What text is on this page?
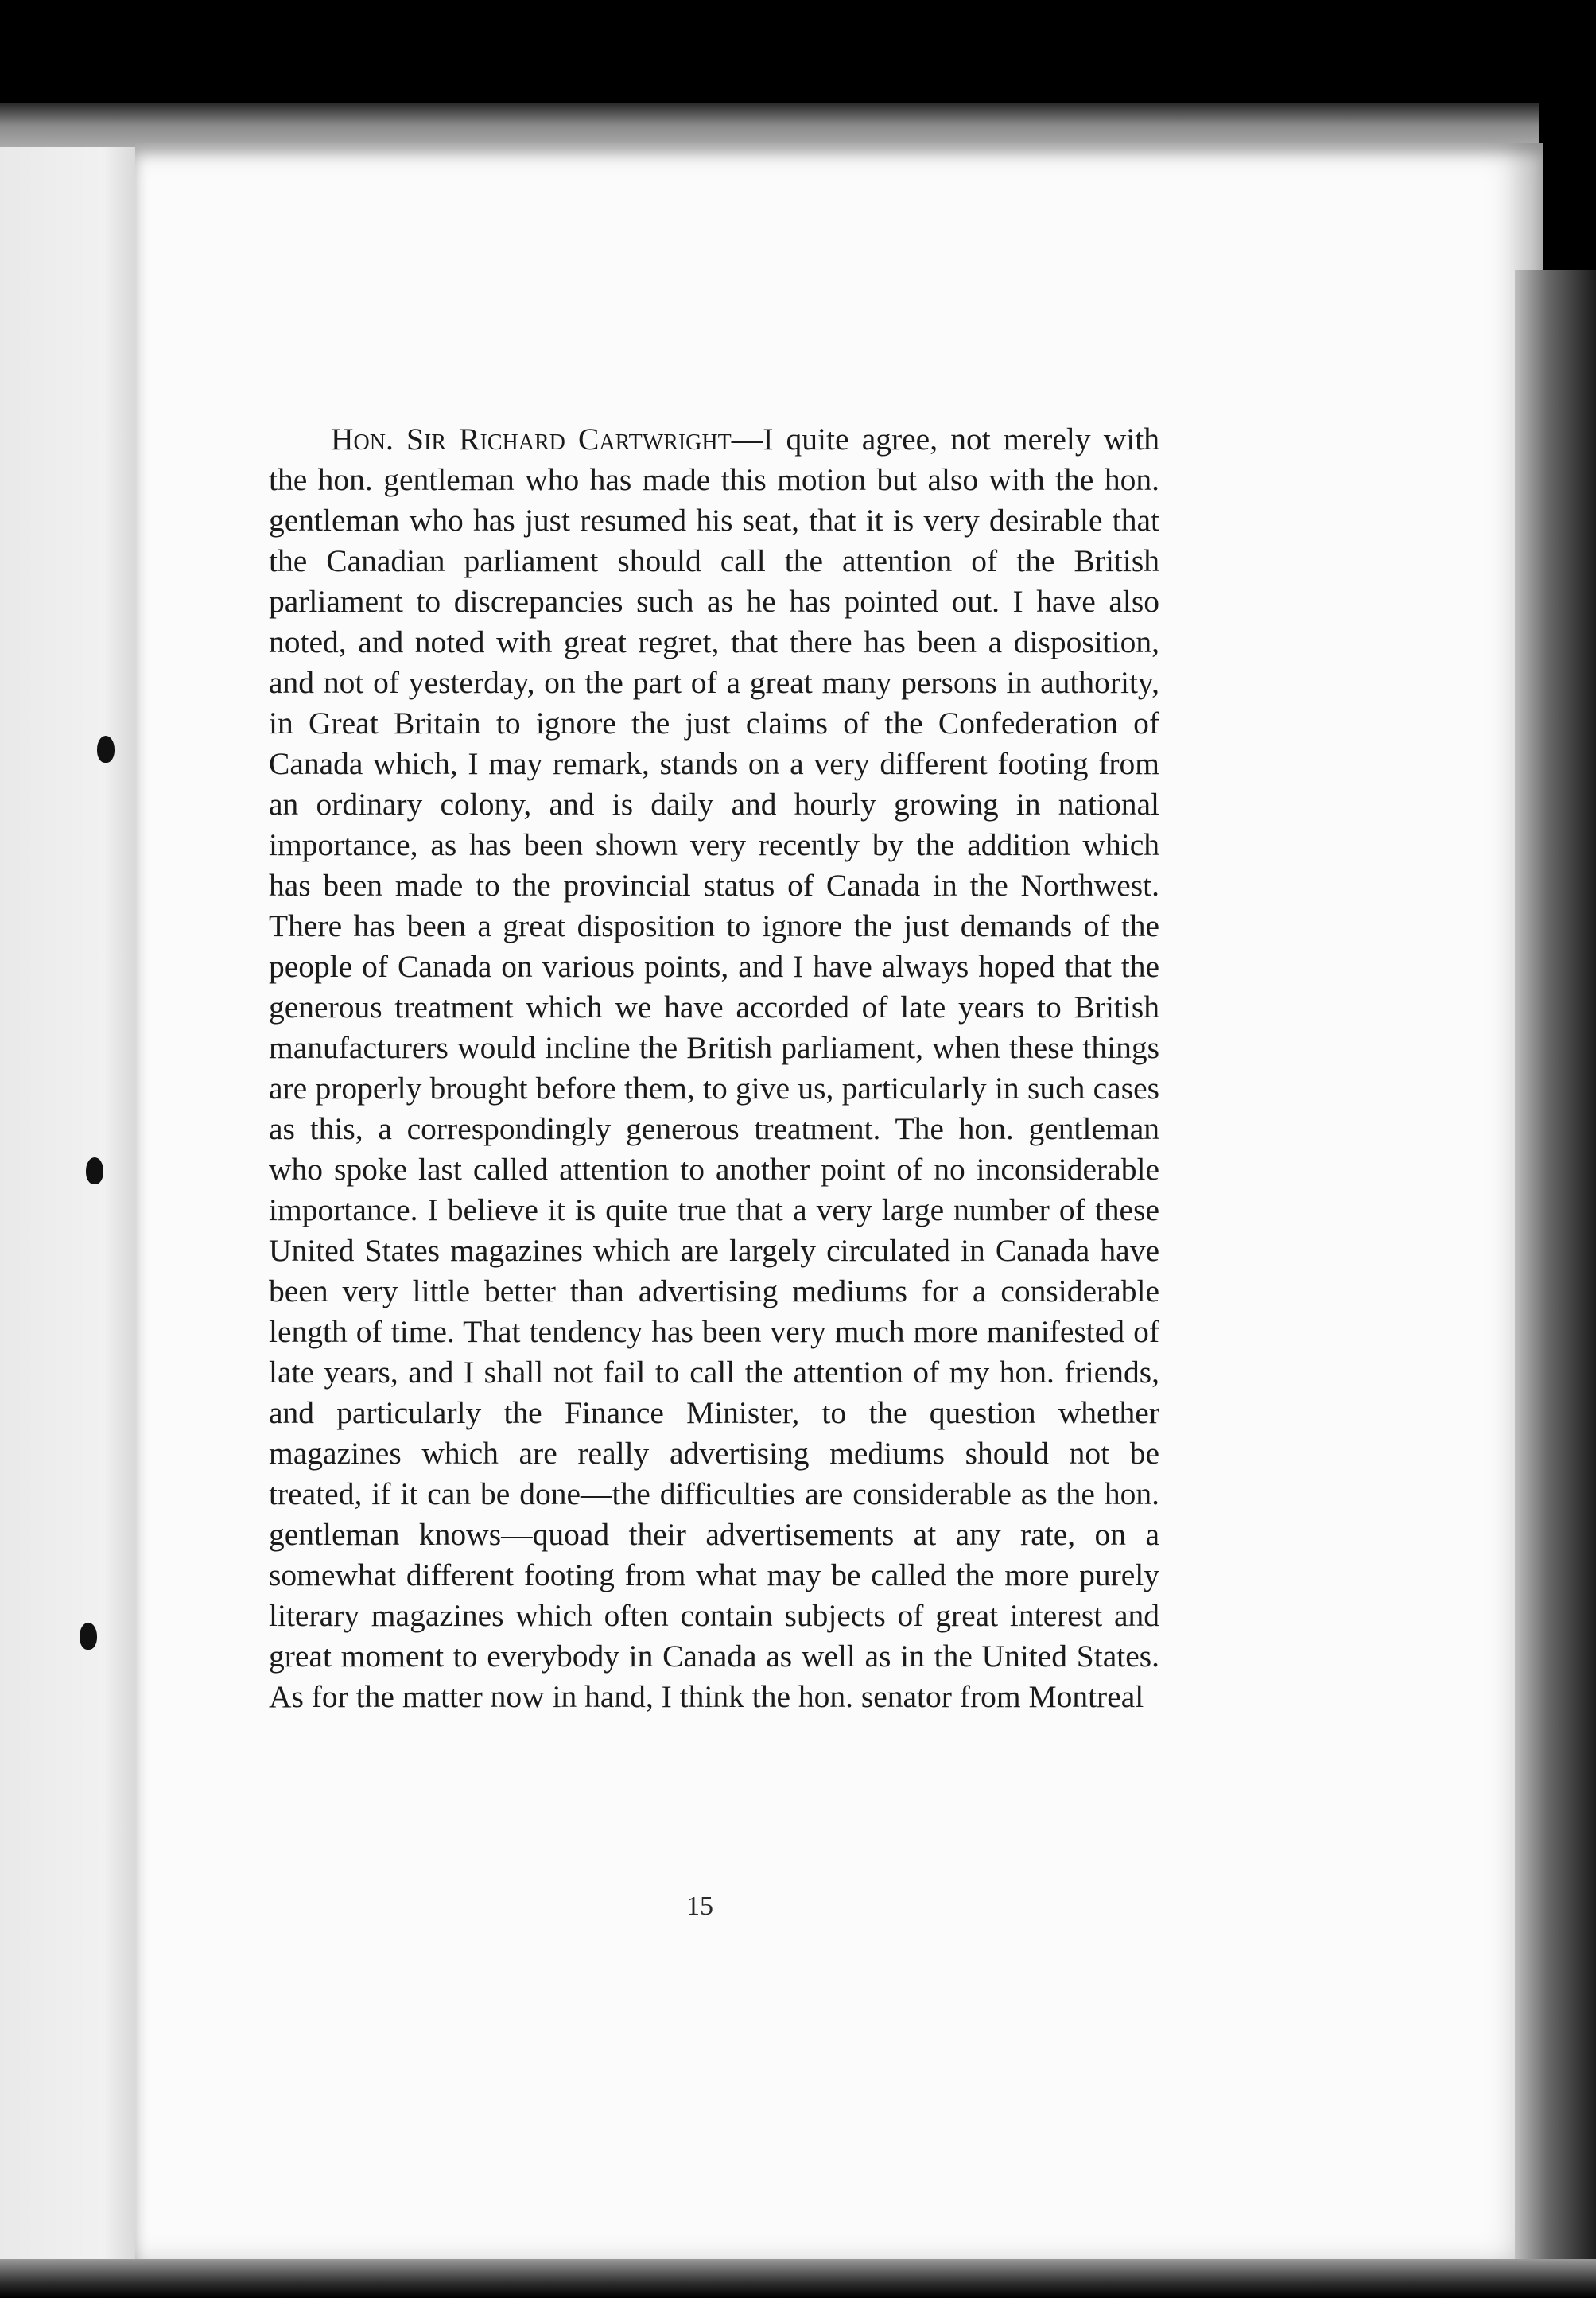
Hon. Sir Richard Cartwright—I quite agree, not merely with the hon. gentleman who has made this motion but also with the hon. gentleman who has just resumed his seat, that it is very desirable that the Canadian parliament should call the attention of the British parliament to discrepancies such as he has pointed out. I have also noted, and noted with great regret, that there has been a disposition, and not of yesterday, on the part of a great many persons in authority, in Great Britain to ignore the just claims of the Confederation of Canada which, I may remark, stands on a very different footing from an ordinary colony, and is daily and hourly growing in national importance, as has been shown very recently by the addition which has been made to the provincial status of Canada in the Northwest. There has been a great disposition to ignore the just demands of the people of Canada on various points, and I have always hoped that the generous treatment which we have accorded of late years to British manufacturers would incline the British parliament, when these things are properly brought before them, to give us, particularly in such cases as this, a correspondingly generous treatment. The hon. gentleman who spoke last called attention to another point of no inconsiderable importance. I believe it is quite true that a very large number of these United States magazines which are largely circulated in Canada have been very little better than advertising mediums for a considerable length of time. That tendency has been very much more manifested of late years, and I shall not fail to call the attention of my hon. friends, and particularly the Finance Minister, to the question whether magazines which are really advertising mediums should not be treated, if it can be done—the difficulties are considerable as the hon. gentleman knows—quoad their advertisements at any rate, on a somewhat different footing from what may be called the more purely literary magazines which often contain subjects of great interest and great moment to everybody in Canada as well as in the United States. As for the matter now in hand, I think the hon. senator from Montreal

15
